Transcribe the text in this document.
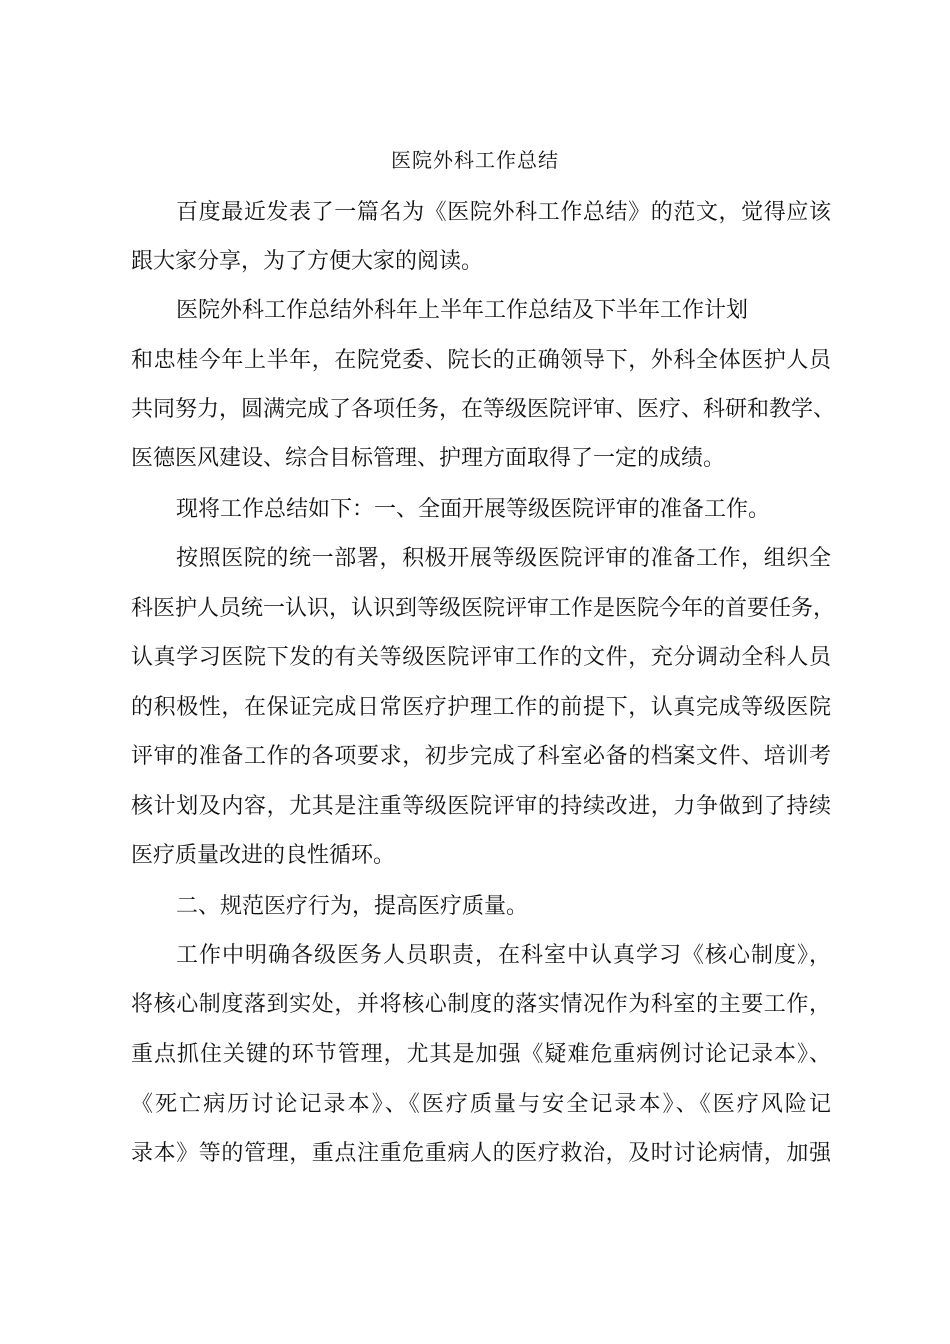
医院外科工作总结
百度最近发表了一篇名为《医院外科工作总结》的范文，觉得应该
跟大家分享，为了方便大家的阅读。
医院外科工作总结外科年上半年工作总结及下半年工作计划
和忠桂今年上半年，在院党委、院长的正确领导下，外科全体医护人员
共同努力，圆满完成了各项任务，在等级医院评审、医疗、科研和教学、
医德医风建设、综合目标管理、护理方面取得了一定的成绩。
现将工作总结如下：一、全面开展等级医院评审的准备工作。
按照医院的统一部署，积极开展等级医院评审的准备工作，组织全
科医护人员统一认识，认识到等级医院评审工作是医院今年的首要任务，
认真学习医院下发的有关等级医院评审工作的文件，充分调动全科人员
的积极性，在保证完成日常医疗护理工作的前提下，认真完成等级医院
评审的准备工作的各项要求，初步完成了科室必备的档案文件、培训考
核计划及内容，尤其是注重等级医院评审的持续改进，力争做到了持续
医疗质量改进的良性循环。
二、规范医疗行为，提高医疗质量。
工作中明确各级医务人员职责，在科室中认真学习《核心制度》，
将核心制度落到实处，并将核心制度的落实情况作为科室的主要工作，
重点抓住关键的环节管理，尤其是加强《疑难危重病例讨论记录本》、
《死亡病历讨论记录本》、《医疗质量与安全记录本》、《医疗风险记
录本》等的管理，重点注重危重病人的医疗救治，及时讨论病情，加强
